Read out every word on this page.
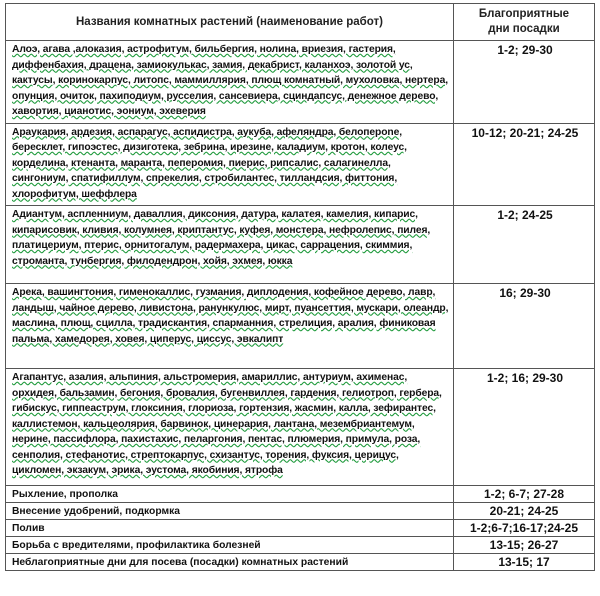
Названия комнатных растений (наименование работ)	Благоприятные
дни посадки
Алоэ, агава ,алоказия, астрофитум, бильбергия, нолина, вриезия, гастерия, диффенбахия, драцена, замиокулькас, замия, декабрист, каланхоэ, золотой ус, кактусы, коринокарпус, литопс, маммиллярия, плющ комнатный, мухоловка, нертера, опунция, очиток, пахиподиум, русселия, сансевиера, сциндапсус, денежное дерево, хавортия, цианотис, эониум, эхеверия	1-2; 29-30
Араукария, ардезия, аспарагус, аспидистра, аукуба, афеляндра, белоперone, бересклет, гипоэстес, дизиготека, зебрина, ирезине, каладиум, кротон, колеус, корделина, ктенанта, маранта, пеперомия, пиерис, рипсалис, салагинелла, сингониум, спатифиллум, спрекелия, стробилантес, тилландсия, фиттония, хлорофитум, шеффлера	10-12; 20-21; 24-25
Адиантум, аспленниум, даваллия, диксония, датура, калатея, камелия, кипарис, кипарисовик, кливия, колумнея, криптантус, куфея, монстера, нефролепис, пилея, платицериум, птерис, орнитогалум, радермахера, цикас, саррацения, скиммия, строманта, тунбергия, филодендрон, хойя, эхмея, юкка	1-2; 24-25
Арека, вашингтония, гименокаллис, гузмания, диплодения, кофейное дерево, лавр, ландыш, чайное дерево, ливистона, ранункулюс, мирт, пуансеттия, мускари, олеандр, маслина, плющ, сцилла, традискантия, спарманния, стрелиция, аралия, финиковая пальма, хамедорея, ховея, циперус, циссус, эвкалипт	16; 29-30
Агапантус, азалия, альпиния, альстромерия, амариллис, антуриум, ахименас, орхидея, бальзамин, бегония, бровалия, бугенвиллея, гардения, гелиотроп, гербера, гибискус, гиппеаструм, глоксиния, глориоза, гортензия, жасмин, калла, зефирантес, каллистемон, кальцеолярия, барвинок, цинерария, лантана, мезембриантемум, нерине, пассифлора, пахистахис, пеларгония, пентас, плюмерия, примула, роза, сенполия, стефанотис, стрептокарпус, схизантус, торения, фуксия, церицус, цикломен, экзакум, эрика, эустома, якобиния, ятрофа	1-2; 16; 29-30
Рыхление, прополка	1-2; 6-7; 27-28
Внесение удобрений, подкормка	20-21; 24-25
Полив	1-2;6-7;16-17;24-25
Борьба с вредителями, профилактика болезней	13-15; 26-27
Неблагоприятные дни для посева (посадки) комнатных растений	13-15; 17
